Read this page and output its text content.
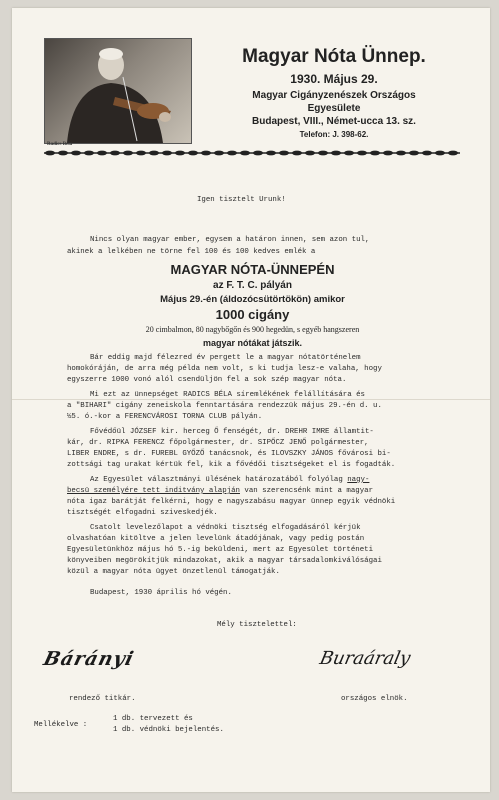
Radics Béla
Magyar Nóta Ünnep.
1930. Május 29.
Magyar Cigányzenészek Országos
Egyesülete
Budapest, VIII., Német-ucca 13. sz.
Telefon: J. 398-62.
Igen tisztelt Urunk!
Nincs olyan magyar ember, egysem a határon innen, sem azon tul,
akinek a lelkében ne törne fel 100 és 100 kedves emlék a
MAGYAR NÓTA-ÜNNEPÉN
az F. T. C. pályán
Május 29.-én (áldozócsütörtökön) amikor
1000 cigány
20 cimbalmon, 80 nagybőgőn és 900 hegedün, s egyéb hangszeren
magyar nótákat játszik.
Bár eddig majd félezred év pergett le a magyar nótatörténelem
homokóráján, de arra még példa nem volt, s ki tudja lesz-e valaha, hogy
egyszerre 1000 vonó alól csendüljön fel a sok szép magyar nóta.
Mi ezt az ünnepséget RADICS BÉLA síremlékének felállítására és
a "BIHARI" cigány zeneiskola fenntartására rendezzük május 29.-én d. u.
½5. ó.-kor a FERENCVÁROSI TORNA CLUB pályán.
Fővédőül JÓZSEF kir. herceg Ő fenségét, dr. DREHR IMRE államtit-
kár, dr. RIPKA FERENCZ főpolgármester, dr. SIPŐCZ JENŐ polgármester,
LIBER ENDRE, s dr. FUREBL GYŐZŐ tanácsnok, és ILOVSZKY JÁNOS fővárosi bi-
zottsági tag urakat kértük fel, kik a fővédői tisztségeket el is fogadták.
Az Egyesület választmányi ülésének határozatából folyólag nagy-
becsü személyére tett inditvány alapján van szerencsénk mint a magyar
nóta igaz barátját felkérni, hogy e nagyszabásu magyar ünnep egyik védnöki
tisztségét elfogadni sziveskedjék.
Csatolt levelezőlapot a védnöki tisztség elfogadásáról kérjük
olvashatóan kitöltve a jelen levelünk átadójának, vagy pedig postán
Egyesületünkhöz május hó 5.-ig beküldeni, mert az Egyesület történeti
könyveiben megörökítjük mindazokat, akik a magyar társadalomkiválóságai
közül a magyar nóta ügyet önzetlenül támogatják.
Budapest, 1930 április hó végén.
Mély tisztelettel:
Bárányi	Buraáraly
rendező titkár.	országos elnök.
Mellékelve :
1 db. tervezett és
1 db. védnöki bejelentés.
